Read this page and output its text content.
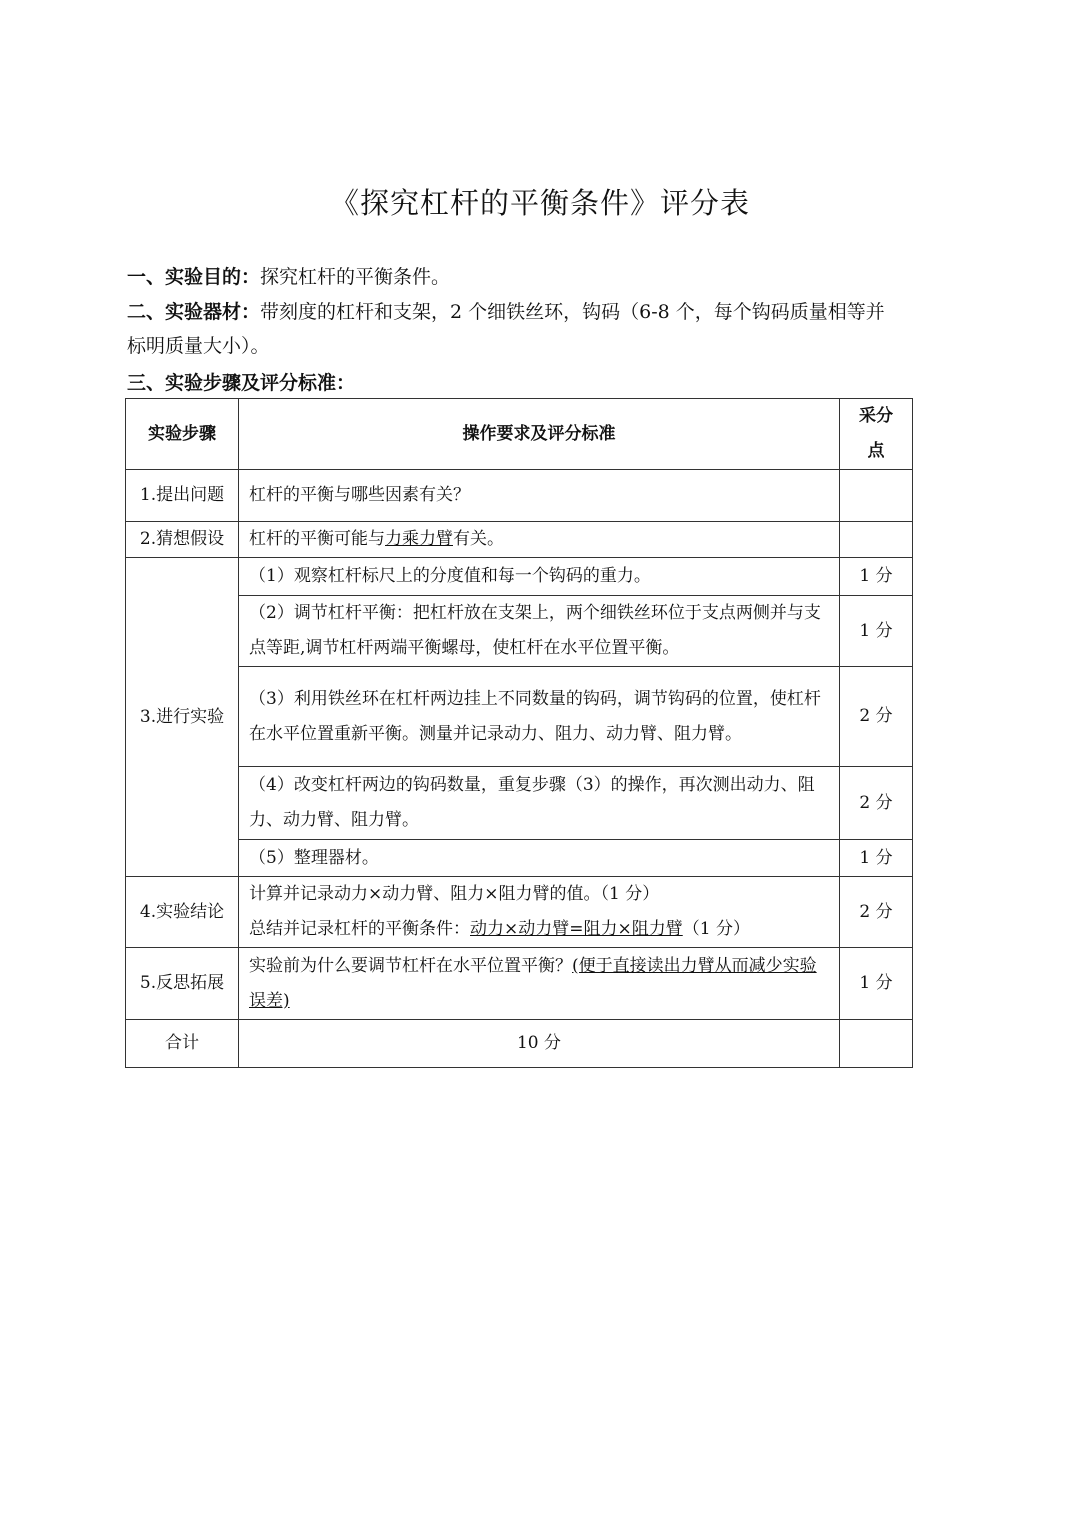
《探究杠杆的平衡条件》评分表
一、实验目的：探究杠杆的平衡条件。
二、实验器材：带刻度的杠杆和支架，2 个细铁丝环，钩码（6-8 个，每个钩码质量相等并
标明质量大小）。
三、实验步骤及评分标准：
实验步骤	操作要求及评分标准	采分
点
1.提出问题	杠杆的平衡与哪些因素有关？	
2.猜想假设	杠杆的平衡可能与力乘力臂有关。	
3.进行实验	（1）观察杠杆标尺上的分度值和每一个钩码的重力。	1 分
	（2）调节杠杆平衡：把杠杆放在支架上，两个细铁丝环位于支点两侧并与支点等距,调节杠杆两端平衡螺母，使杠杆在水平位置平衡。	1 分
	（3）利用铁丝环在杠杆两边挂上不同数量的钩码，调节钩码的位置，使杠杆在水平位置重新平衡。测量并记录动力、阻力、动力臂、阻力臂。	2 分
	（4）改变杠杆两边的钩码数量，重复步骤（3）的操作，再次测出动力、阻力、动力臂、阻力臂。	2 分
	（5）整理器材。	1 分
4.实验结论	计算并记录动力×动力臂、阻力×阻力臂的值。（1 分）
总结并记录杠杆的平衡条件：动力×动力臂=阻力×阻力臂（1 分）	2 分
5.反思拓展	实验前为什么要调节杠杆在水平位置平衡？(便于直接读出力臂从而减少实验误差)	1 分
合计	10 分	
